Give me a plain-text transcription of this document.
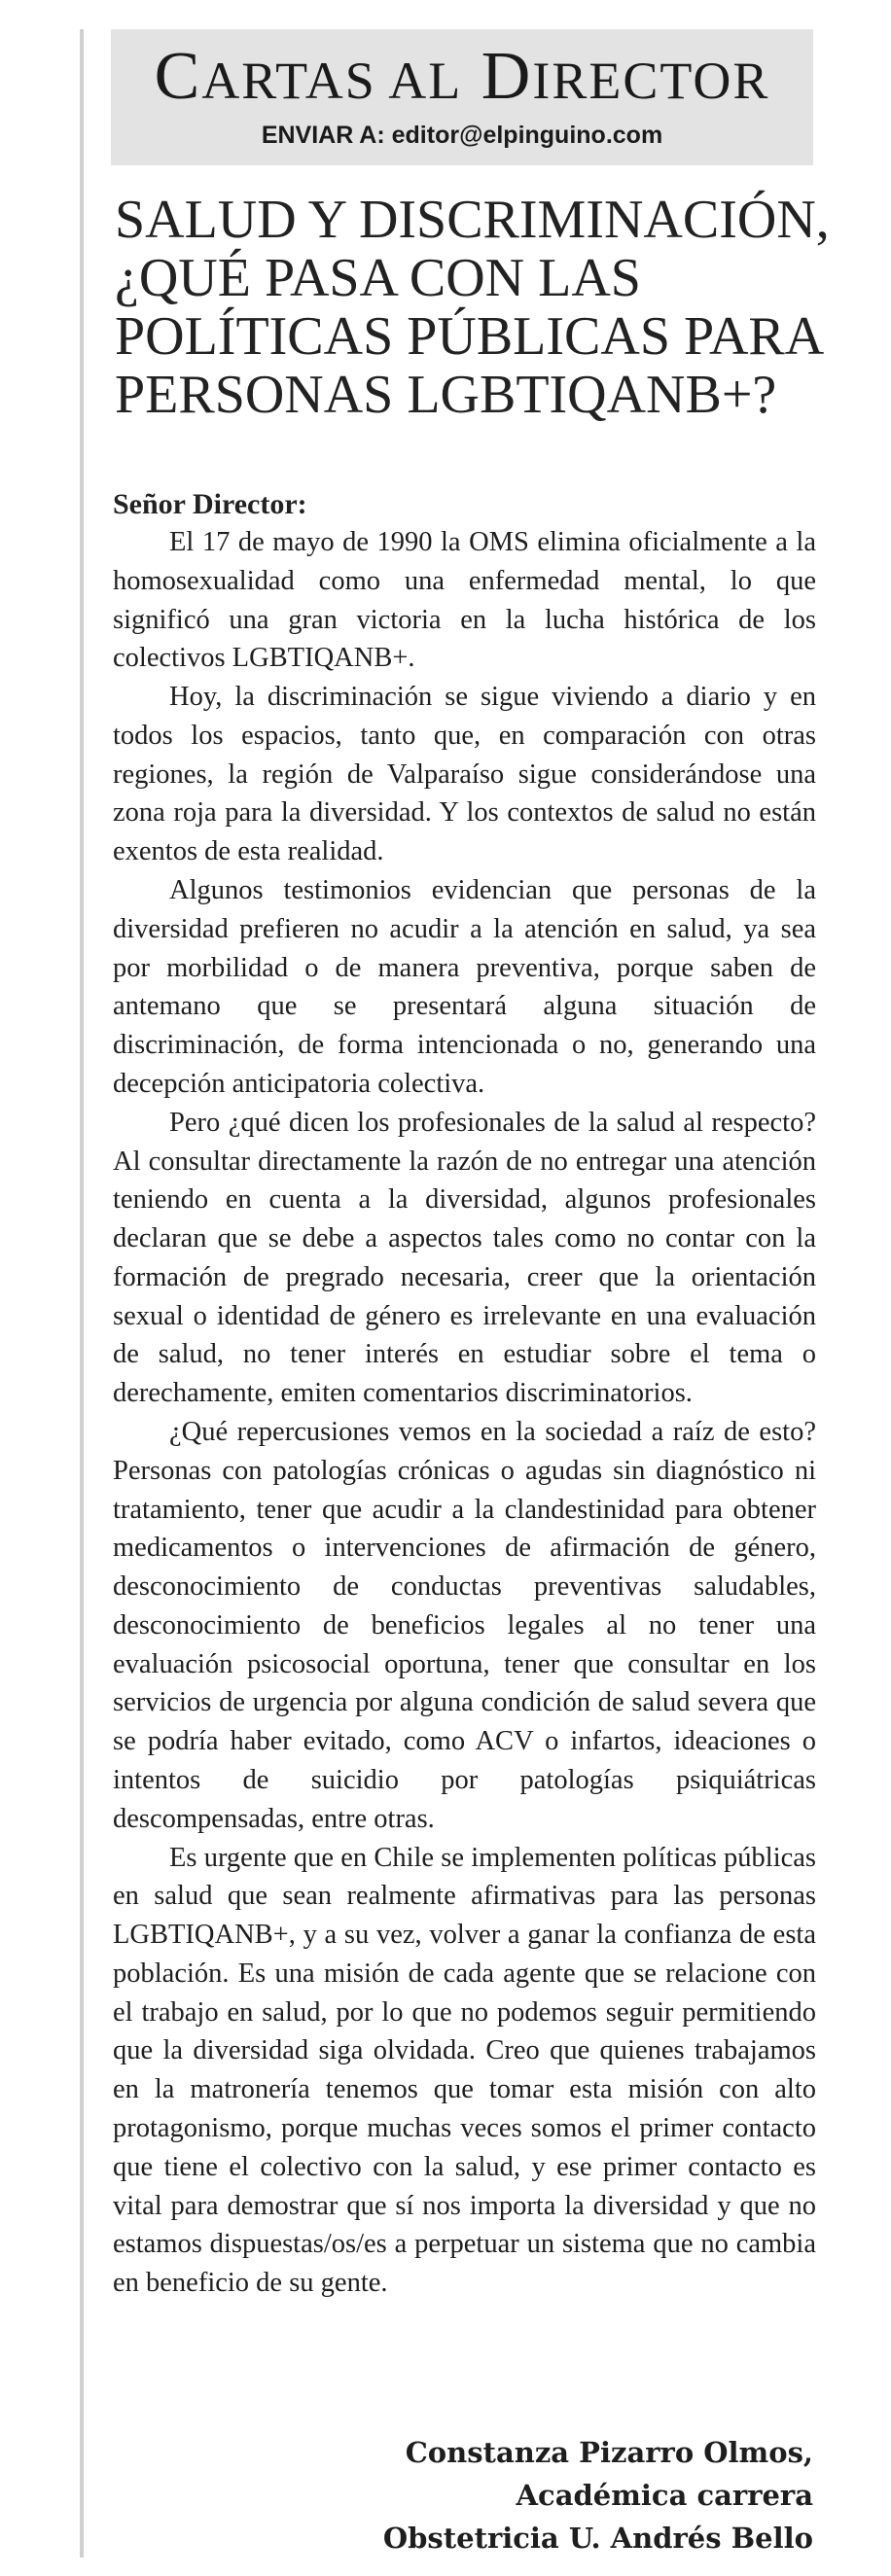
CARTAS AL DIRECTOR
ENVIAR A: editor@elpinguino.com
SALUD Y DISCRIMINACIÓN,
¿QUÉ PASA CON LAS
POLÍTICAS PÚBLICAS PARA
PERSONAS LGBTIQANB+?
Señor Director:

El 17 de mayo de 1990 la OMS elimina oficialmente a la homosexualidad como una enfermedad mental, lo que significó una gran victoria en la lucha histórica de los colectivos LGBTIQANB+.

Hoy, la discriminación se sigue viviendo a diario y en todos los espacios, tanto que, en comparación con otras regiones, la región de Valparaíso sigue considerándose una zona roja para la diversidad. Y los contextos de salud no están exentos de esta realidad.

Algunos testimonios evidencian que personas de la diversidad prefieren no acudir a la atención en salud, ya sea por morbilidad o de manera preventiva, porque saben de antemano que se presentará alguna situación de discriminación, de forma intencionada o no, generando una decepción anticipatoria colectiva.

Pero ¿qué dicen los profesionales de la salud al respecto? Al consultar directamente la razón de no entregar una atención teniendo en cuenta a la diversidad, algunos profesionales declaran que se debe a aspectos tales como no contar con la formación de pregrado necesaria, creer que la orientación sexual o identidad de género es irrelevante en una evaluación de salud, no tener interés en estudiar sobre el tema o derechamente, emiten comentarios discriminatorios.

¿Qué repercusiones vemos en la sociedad a raíz de esto? Personas con patologías crónicas o agudas sin diagnóstico ni tratamiento, tener que acudir a la clandestinidad para obtener medicamentos o intervenciones de afirmación de género, desconocimiento de conductas preventivas saludables, desconocimiento de beneficios legales al no tener una evaluación psicosocial oportuna, tener que consultar en los servicios de urgencia por alguna condición de salud severa que se podría haber evitado, como ACV o infartos, ideaciones o intentos de suicidio por patologías psiquiátricas descompensadas, entre otras.

Es urgente que en Chile se implementen políticas públicas en salud que sean realmente afirmativas para las personas LGBTIQANB+, y a su vez, volver a ganar la confianza de esta población. Es una misión de cada agente que se relacione con el trabajo en salud, por lo que no podemos seguir permitiendo que la diversidad siga olvidada. Creo que quienes trabajamos en la matronería tenemos que tomar esta misión con alto protagonismo, porque muchas veces somos el primer contacto que tiene el colectivo con la salud, y ese primer contacto es vital para demostrar que sí nos importa la diversidad y que no estamos dispuestas/os/es a perpetuar un sistema que no cambia en beneficio de su gente.

Constanza Pizarro Olmos,
Académica carrera
Obstetricia U. Andrés Bello
